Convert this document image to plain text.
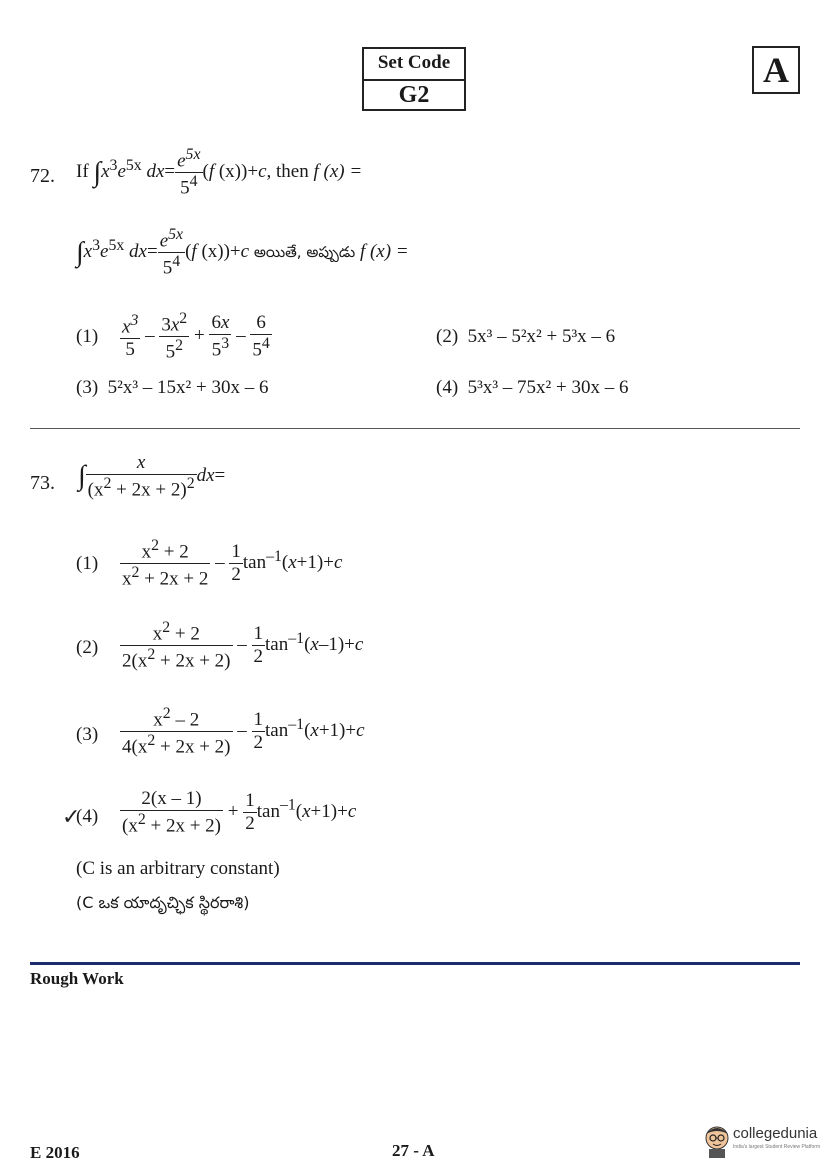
Set Code
G2
A
72. If $\int x^3e^{5x}$ $dx= \frac{e^{5x}}{5^4} (f$ (x))+c, then f (x) =
$\int x^3e^{5x}$ $dx= \frac{e^{5x}}{5^4} (f$ (x))+c అయితే, అప్పుడు f (x) =
$(1) \frac{x^3}{5} - \frac{3x^2}{5^2} + \frac{6x}{5^3} - \frac{6}{5^4}$	(2) 5x³ – 5²x² + 5³x – 6
(3) 5²x³ – 15x² + 30x – 6	(4) 5³x³ – 75x² + 30x – 6
73. ∫ $\frac{x}{(x^2 + 2x + 2)^2} dx=$
$(1) \frac{x^2 + 2}{x^2 + 2x + 2} - \frac{1}{2} \tan^{-1}(x+1)+c$
$(2) \frac{x^2 + 2}{2(x^2 + 2x + 2)} - \frac{1}{2} \tan^{-1}(x-1)+c$
$(3) \frac{x^2 - 2}{4(x^2 + 2x + 2)} - \frac{1}{2} \tan^{-1}(x+1)+c$
(4)
✓ $\frac{2(x - 1)}{(x^2 + 2x + 2)} + \frac{1}{2} \tan^{-1}(x+1)+c$
(C is an arbitrary constant)
(C ఒక యాదృచ్ఛిక స్థిరరాశి)
Rough Work
E 2016	27 - A
collegedunia
India's largest Student Review Platform
